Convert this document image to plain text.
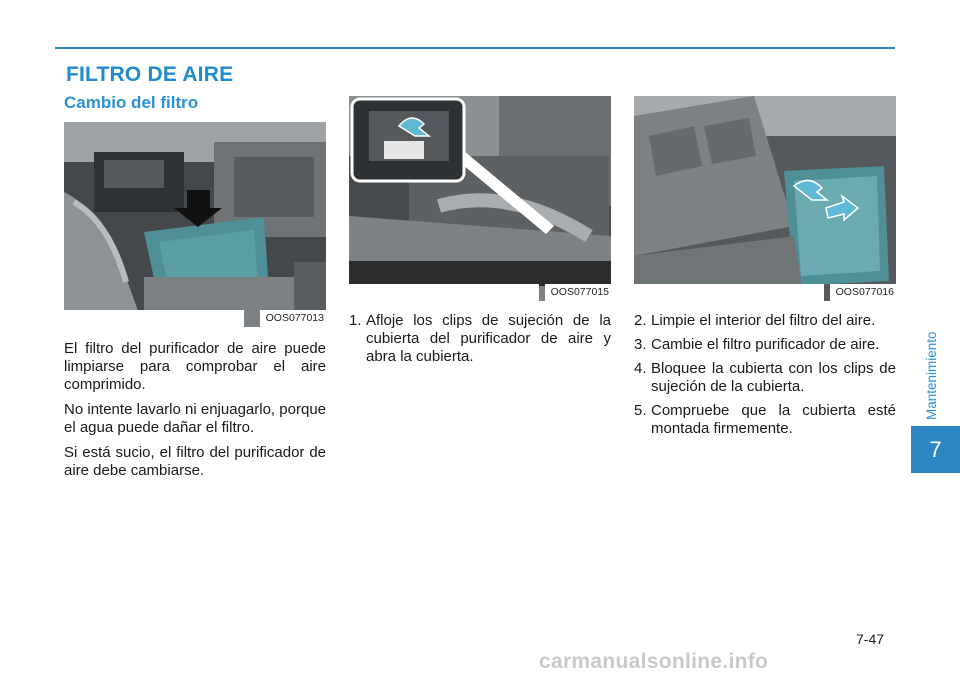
FILTRO DE AIRE
Cambio del filtro
OOS077013
OOS077015	OOS077016

El filtro del purificador de aire puede limpiarse para comprobar el aire comprimido.

No intente lavarlo ni enjuagarlo, porque el agua puede dañar el filtro.

Si está sucio, el filtro del purificador de aire debe cambiarse.

1. Afloje los clips de sujeción de la cubierta del purificador de aire y abra la cubierta.
2. Limpie el interior del filtro del aire.
3. Cambie el filtro purificador de aire.
4. Bloquee la cubierta con los clips de sujeción de la cubierta.
5. Compruebe que la cubierta esté montada firmemente.
Mantenimiento
7
7-47
carmanualsonline.info
